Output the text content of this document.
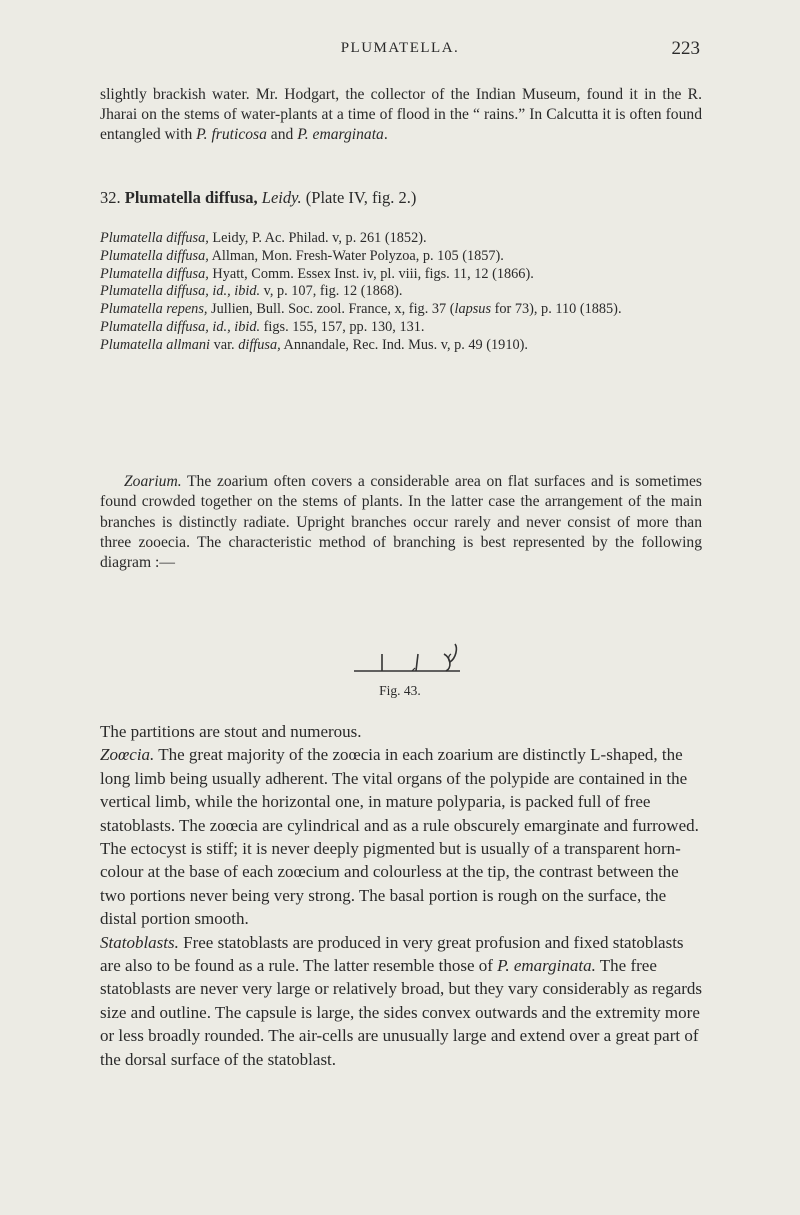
PLUMATELLA.	223

slightly brackish water. Mr. Hodgart, the collector of the Indian Museum, found it in the R. Jharai on the stems of water-plants at a time of flood in the “ rains.” In Calcutta it is often found entangled with P. fruticosa and P. emarginata.

32. Plumatella diffusa, Leidy. (Plate IV, fig. 2.)

Plumatella diffusa, Leidy, P. Ac. Philad. v, p. 261 (1852).

Plumatella diffusa, Allman, Mon. Fresh-Water Polyzoa, p. 105 (1857).

Plumatella diffusa, Hyatt, Comm. Essex Inst. iv, pl. viii, figs. 11, 12 (1866).

Plumatella diffusa, id., ibid. v, p. 107, fig. 12 (1868).

Plumatella repens, Jullien, Bull. Soc. zool. France, x, fig. 37 (lapsus for 73), p. 110 (1885).

Plumatella diffusa, id., ibid. figs. 155, 157, pp. 130, 131.

Plumatella allmani var. diffusa, Annandale, Rec. Ind. Mus. v, p. 49 (1910).

Zoarium. The zoarium often covers a considerable area on flat surfaces and is sometimes found crowded together on the stems of plants. In the latter case the arrangement of the main branches is distinctly radiate. Upright branches occur rarely and never consist of more than three zooecia. The characteristic method of branching is best represented by the following diagram :—

Fig. 43.

The partitions are stout and numerous.

Zoœcia. The great majority of the zoœcia in each zoarium are distinctly L-shaped, the long limb being usually adherent. The vital organs of the polypide are contained in the vertical limb, while the horizontal one, in mature polyparia, is packed full of free statoblasts. The zoœcia are cylindrical and as a rule obscurely emarginate and furrowed. The ectocyst is stiff; it is never deeply pigmented but is usually of a transparent horn-colour at the base of each zoœcium and colourless at the tip, the contrast between the two portions never being very strong. The basal portion is rough on the surface, the distal portion smooth.

Statoblasts. Free statoblasts are produced in very great profusion and fixed statoblasts are also to be found as a rule. The latter resemble those of P. emarginata. The free statoblasts are never very large or relatively broad, but they vary considerably as regards size and outline. The capsule is large, the sides convex outwards and the extremity more or less broadly rounded. The air-cells are unusually large and extend over a great part of the dorsal surface of the statoblast.
